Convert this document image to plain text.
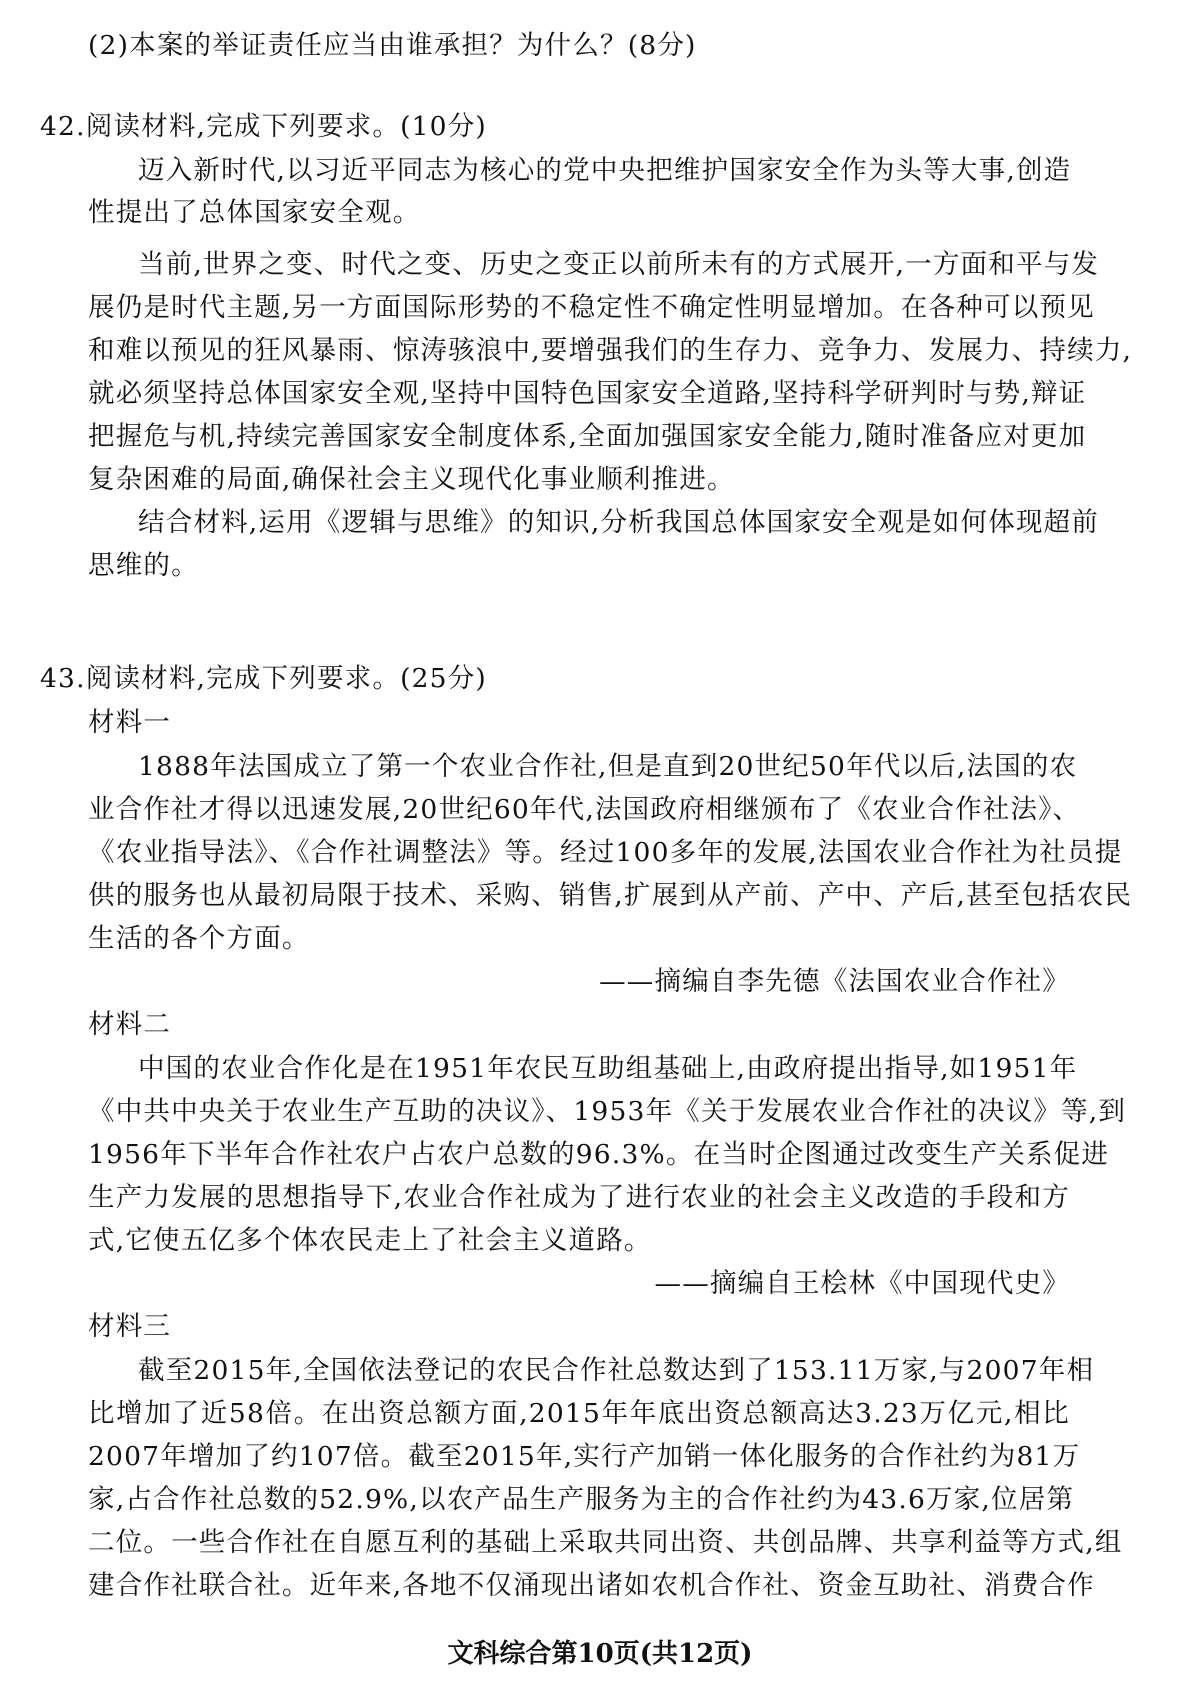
(2)本案的举证责任应当由谁承担？为什么？(8分)
42.阅读材料,完成下列要求。(10分)
迈入新时代,以习近平同志为核心的党中央把维护国家安全作为头等大事,创造
性提出了总体国家安全观。
当前,世界之变、时代之变、历史之变正以前所未有的方式展开,一方面和平与发
展仍是时代主题,另一方面国际形势的不稳定性不确定性明显增加。在各种可以预见
和难以预见的狂风暴雨、惊涛骇浪中,要增强我们的生存力、竞争力、发展力、持续力,
就必须坚持总体国家安全观,坚持中国特色国家安全道路,坚持科学研判时与势,辩证
把握危与机,持续完善国家安全制度体系,全面加强国家安全能力,随时准备应对更加
复杂困难的局面,确保社会主义现代化事业顺利推进。
结合材料,运用《逻辑与思维》的知识,分析我国总体国家安全观是如何体现超前
思维的。
43.阅读材料,完成下列要求。(25分)
材料一
1888年法国成立了第一个农业合作社,但是直到20世纪50年代以后,法国的农
业合作社才得以迅速发展,20世纪60年代,法国政府相继颁布了《农业合作社法》、
《农业指导法》、《合作社调整法》等。经过100多年的发展,法国农业合作社为社员提
供的服务也从最初局限于技术、采购、销售,扩展到从产前、产中、产后,甚至包括农民
生活的各个方面。
——摘编自李先德《法国农业合作社》
材料二
中国的农业合作化是在1951年农民互助组基础上,由政府提出指导,如1951年
《中共中央关于农业生产互助的决议》、1953年《关于发展农业合作社的决议》等,到
1956年下半年合作社农户占农户总数的96.3%。在当时企图通过改变生产关系促进
生产力发展的思想指导下,农业合作社成为了进行农业的社会主义改造的手段和方
式,它使五亿多个体农民走上了社会主义道路。
——摘编自王桧林《中国现代史》
材料三
截至2015年,全国依法登记的农民合作社总数达到了153.11万家,与2007年相
比增加了近58倍。在出资总额方面,2015年年底出资总额高达3.23万亿元,相比
2007年增加了约107倍。截至2015年,实行产加销一体化服务的合作社约为81万
家,占合作社总数的52.9%,以农产品生产服务为主的合作社约为43.6万家,位居第
二位。一些合作社在自愿互利的基础上采取共同出资、共创品牌、共享利益等方式,组
建合作社联合社。近年来,各地不仅涌现出诸如农机合作社、资金互助社、消费合作
文科综合第10页(共12页)
